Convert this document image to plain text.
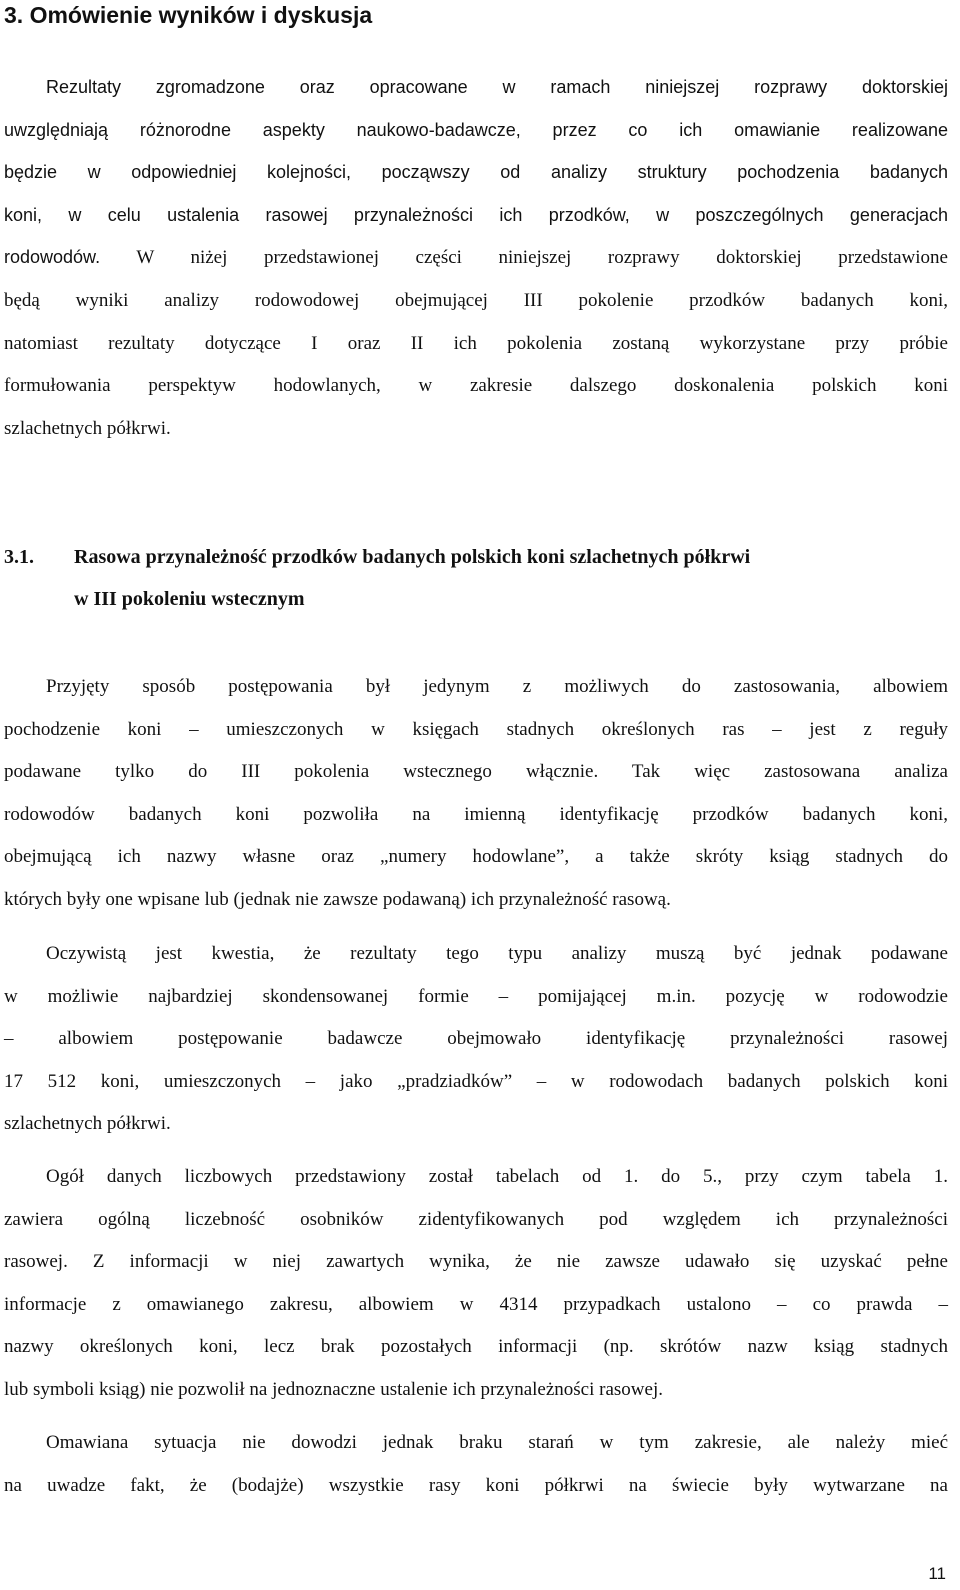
3. Omówienie wyników i dyskusja

Rezultaty zgromadzone oraz opracowane w ramach niniejszej rozprawy doktorskiej
uwzględniają różnorodne aspekty naukowo-badawcze, przez co ich omawianie realizowane
będzie w odpowiedniej kolejności, począwszy od analizy struktury pochodzenia badanych
koni, w celu ustalenia rasowej przynależności ich przodków, w poszczególnych generacjach
rodowodów. W niżej przedstawionej części niniejszej rozprawy doktorskiej przedstawione
będą wyniki analizy rodowodowej obejmującej III pokolenie przodków badanych koni,
natomiast rezultaty dotyczące I oraz II ich pokolenia zostaną wykorzystane przy próbie
formułowania perspektyw hodowlanych, w zakresie dalszego doskonalenia polskich koni
szlachetnych półkrwi.

3.1. Rasowa przynależność przodków badanych polskich koni szlachetnych półkrwi
w III pokoleniu wstecznym

Przyjęty sposób postępowania był jedynym z możliwych do zastosowania, albowiem
pochodzenie koni – umieszczonych w księgach stadnych określonych ras – jest z reguły
podawane tylko do III pokolenia wstecznego włącznie. Tak więc zastosowana analiza
rodowodów badanych koni pozwoliła na imienną identyfikację przodków badanych koni,
obejmującą ich nazwy własne oraz „numery hodowlane”, a także skróty ksiąg stadnych do
których były one wpisane lub (jednak nie zawsze podawaną) ich przynależność rasową.

Oczywistą jest kwestia, że rezultaty tego typu analizy muszą być jednak podawane
w możliwie najbardziej skondensowanej formie – pomijającej m.in. pozycję w rodowodzie
– albowiem postępowanie badawcze obejmowało identyfikację przynależności rasowej
17 512 koni, umieszczonych – jako „pradziadków” – w rodowodach badanych polskich koni
szlachetnych półkrwi.

Ogół danych liczbowych przedstawiony został tabelach od 1. do 5., przy czym tabela 1.
zawiera ogólną liczebność osobników zidentyfikowanych pod względem ich przynależności
rasowej. Z informacji w niej zawartych wynika, że nie zawsze udawało się uzyskać pełne
informacje z omawianego zakresu, albowiem w 4314 przypadkach ustalono – co prawda –
nazwy określonych koni, lecz brak pozostałych informacji (np. skrótów nazw ksiąg stadnych
lub symboli ksiąg) nie pozwolił na jednoznaczne ustalenie ich przynależności rasowej.

Omawiana sytuacja nie dowodzi jednak braku starań w tym zakresie, ale należy mieć
na uwadze fakt, że (bodajże) wszystkie rasy koni półkrwi na świecie były wytwarzane na

11
